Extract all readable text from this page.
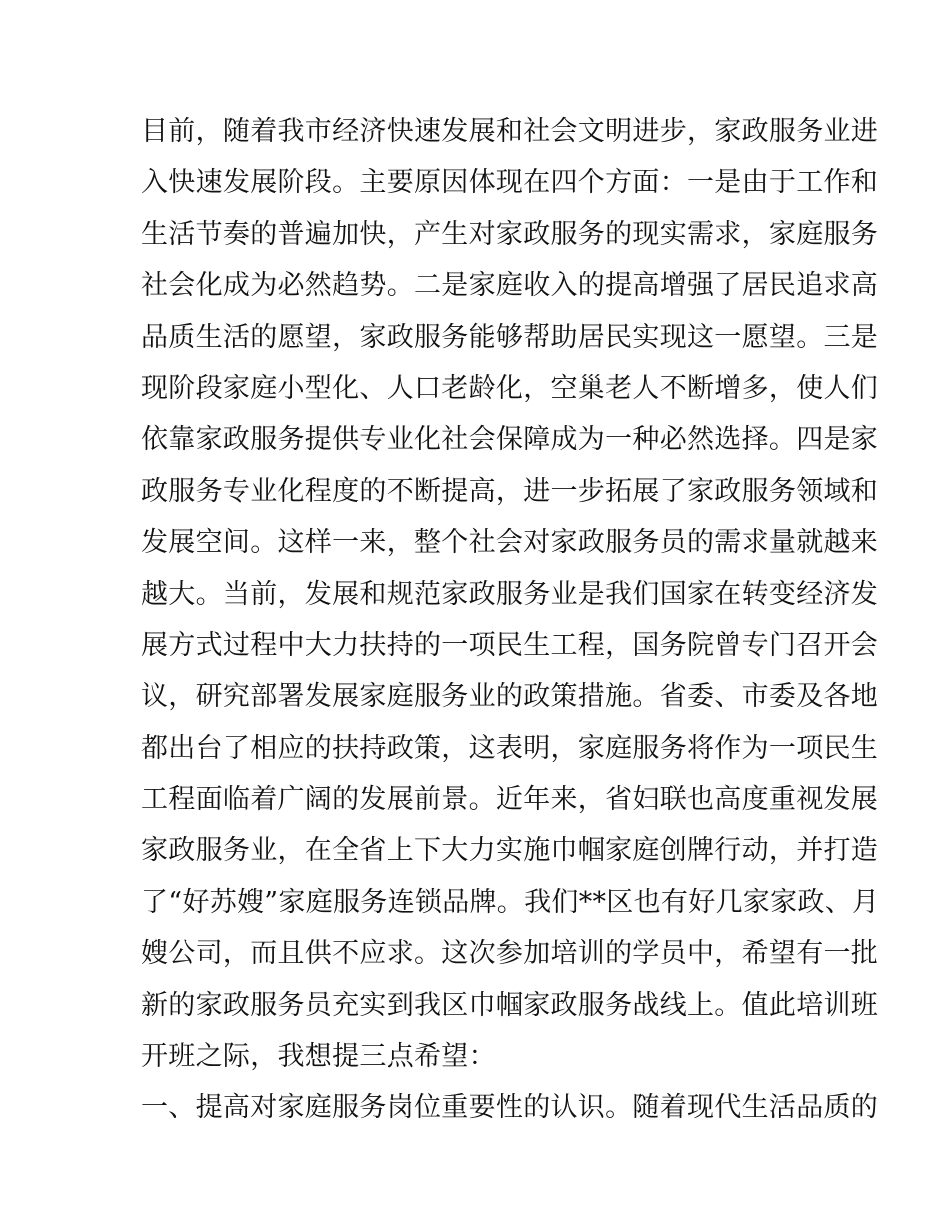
目前，随着我市经济快速发展和社会文明进步，家政服务业进
入快速发展阶段。主要原因体现在四个方面：一是由于工作和
生活节奏的普遍加快，产生对家政服务的现实需求，家庭服务
社会化成为必然趋势。二是家庭收入的提高增强了居民追求高
品质生活的愿望，家政服务能够帮助居民实现这一愿望。三是
现阶段家庭小型化、人口老龄化，空巢老人不断增多，使人们
依靠家政服务提供专业化社会保障成为一种必然选择。四是家
政服务专业化程度的不断提高，进一步拓展了家政服务领域和
发展空间。这样一来，整个社会对家政服务员的需求量就越来
越大。当前，发展和规范家政服务业是我们国家在转变经济发
展方式过程中大力扶持的一项民生工程，国务院曾专门召开会
议，研究部署发展家庭服务业的政策措施。省委、市委及各地
都出台了相应的扶持政策，这表明，家庭服务将作为一项民生
工程面临着广阔的发展前景。近年来，省妇联也高度重视发展
家政服务业，在全省上下大力实施巾帼家庭创牌行动，并打造
了“好苏嫂”家庭服务连锁品牌。我们**区也有好几家家政、月
嫂公司，而且供不应求。这次参加培训的学员中，希望有一批
新的家政服务员充实到我区巾帼家政服务战线上。值此培训班
开班之际，我想提三点希望：
一、提高对家庭服务岗位重要性的认识。随着现代生活品质的
